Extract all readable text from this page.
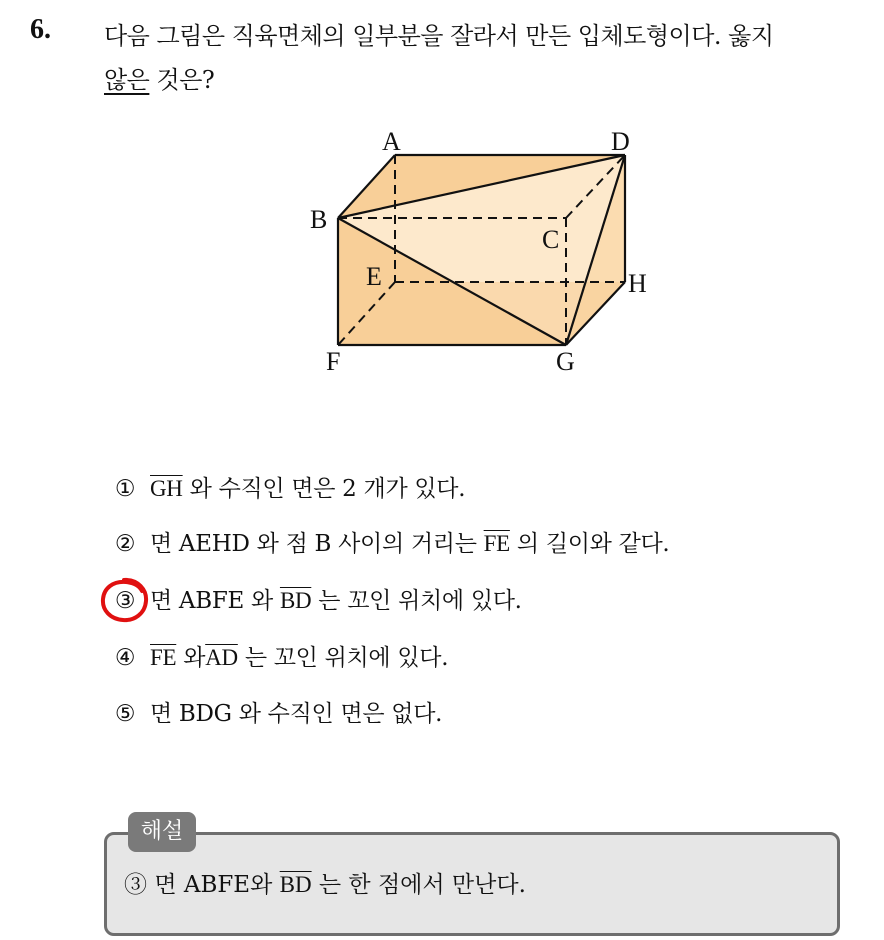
6. 다음 그림은 직육면체의 일부분을 잘라서 만든 입체도형이다. 옳지
않은 것은?
A	D
B
C
E	H
F	G
① $\overline{GH}$ 와 수직인 면은 2 개가 있다.
② 면 AEHD 와 점 B 사이의 거리는 $\overline{FE}$ 의 길이와 같다.
③ 면 ABFE 와 $\overline{BD}$ 는 꼬인 위치에 있다.
④ $\overline{FE}$ 와$\overline{AD}$ 는 꼬인 위치에 있다.
⑤ 면 BDG 와 수직인 면은 없다.
해설
③ 면 ABFE와 $\overline{BD}$ 는 한 점에서 만난다.
